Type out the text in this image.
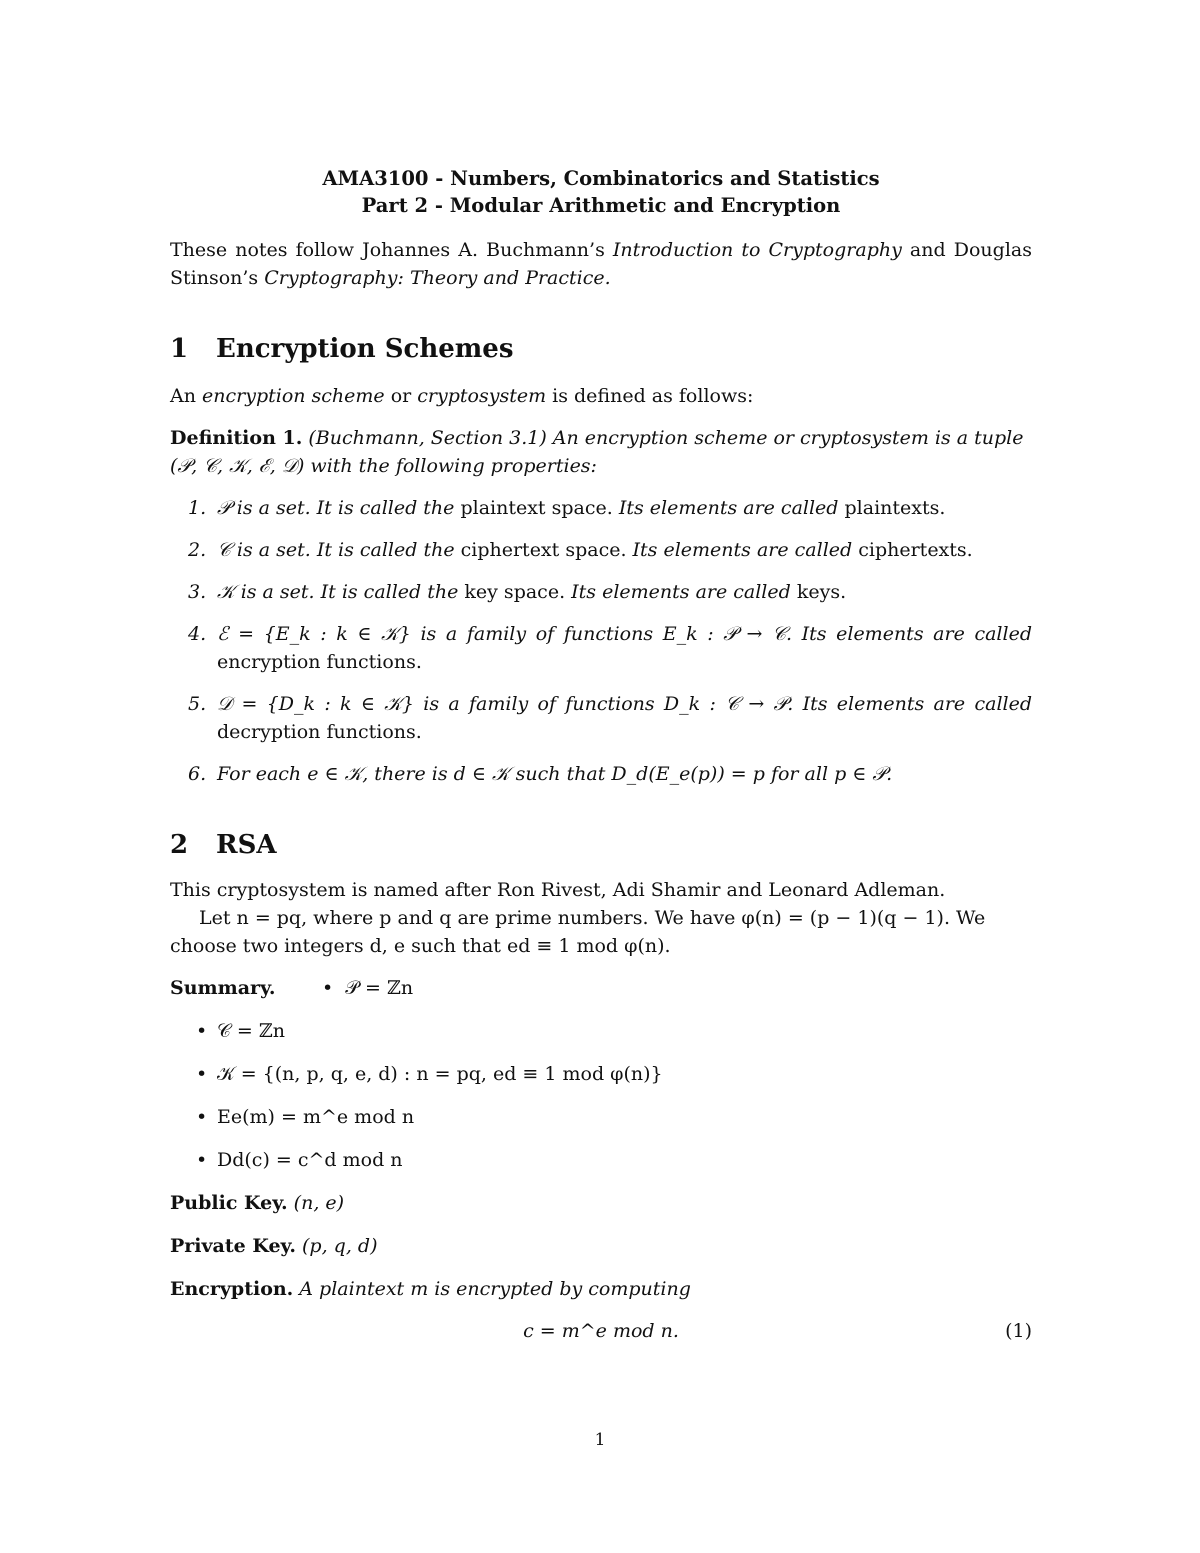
AMA3100 - Numbers, Combinatorics and Statistics
Part 2 - Modular Arithmetic and Encryption

These notes follow Johannes A. Buchmann’s Introduction to Cryptography and Douglas Stinson’s Cryptography: Theory and Practice.

1 Encryption Schemes

An encryption scheme or cryptosystem is defined as follows:

Definition 1. (Buchmann, Section 3.1) An encryption scheme or cryptosystem is a tuple (𝒫, 𝒞, 𝒦, ℰ, 𝒟) with the following properties:

1. 𝒫 is a set. It is called the plaintext space. Its elements are called plaintexts.
2. 𝒞 is a set. It is called the ciphertext space. Its elements are called ciphertexts.
3. 𝒦 is a set. It is called the key space. Its elements are called keys.
4. ℰ = {E_k : k ∈ 𝒦} is a family of functions E_k : 𝒫 → 𝒞. Its elements are called encryption functions.
5. 𝒟 = {D_k : k ∈ 𝒦} is a family of functions D_k : 𝒞 → 𝒫. Its elements are called decryption functions.
6. For each e ∈ 𝒦, there is d ∈ 𝒦 such that D_d(E_e(p)) = p for all p ∈ 𝒫.
2 RSA

This cryptosystem is named after Ron Rivest, Adi Shamir and Leonard Adleman.

Let n = pq, where p and q are prime numbers. We have φ(n) = (p − 1)(q − 1). We choose two integers d, e such that ed ≡ 1 mod φ(n).

Summary. •  𝒫 = ℤn
• 𝒞 = ℤn
• 𝒦 = {(n, p, q, e, d) : n = pq, ed ≡ 1 mod φ(n)}
• Ee(m) = m^e mod n
• Dd(c) = c^d mod n

Public Key. (n, e)

Private Key. (p, q, d)

Encryption. A plaintext m is encrypted by computing

c = m^e mod n.	(1)
1
